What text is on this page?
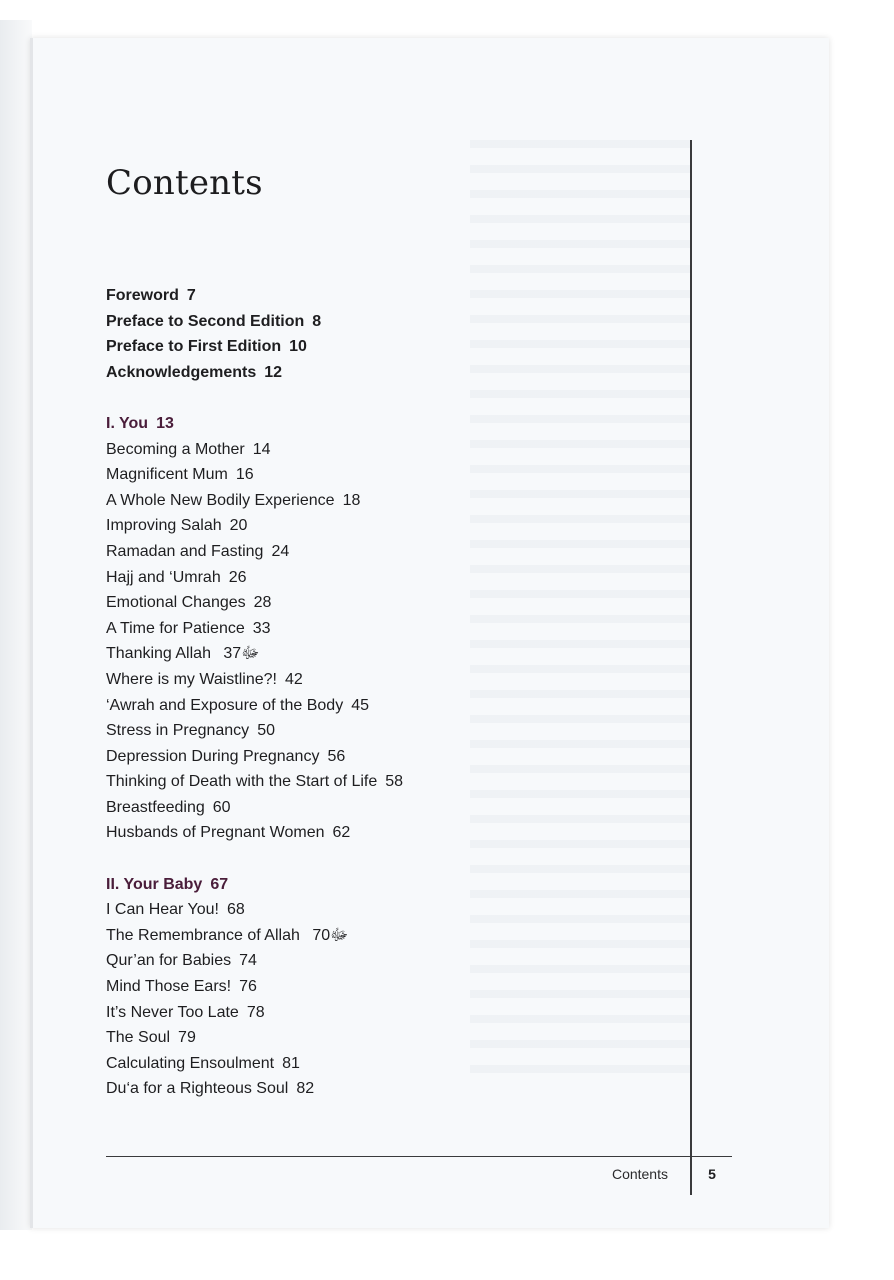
Contents
Foreword 7
Preface to Second Edition 8
Preface to First Edition 10
Acknowledgements 12
I. You 13
Becoming a Mother 14
Magnificent Mum 16
A Whole New Bodily Experience 18
Improving Salah 20
Ramadan and Fasting 24
Hajj and ‘Umrah 26
Emotional Changes 28
A Time for Patience 33
Thanking Allah ﷻ37
Where is my Waistline?! 42
‘Awrah and Exposure of the Body 45
Stress in Pregnancy 50
Depression During Pregnancy 56
Thinking of Death with the Start of Life 58
Breastfeeding 60
Husbands of Pregnant Women 62
II. Your Baby 67
I Can Hear You! 68
The Remembrance of Allah ﷻ70
Qur’an for Babies 74
Mind Those Ears! 76
It’s Never Too Late 78
The Soul 79
Calculating Ensoulment 81
Du‘a for a Righteous Soul 82
Contents	5
